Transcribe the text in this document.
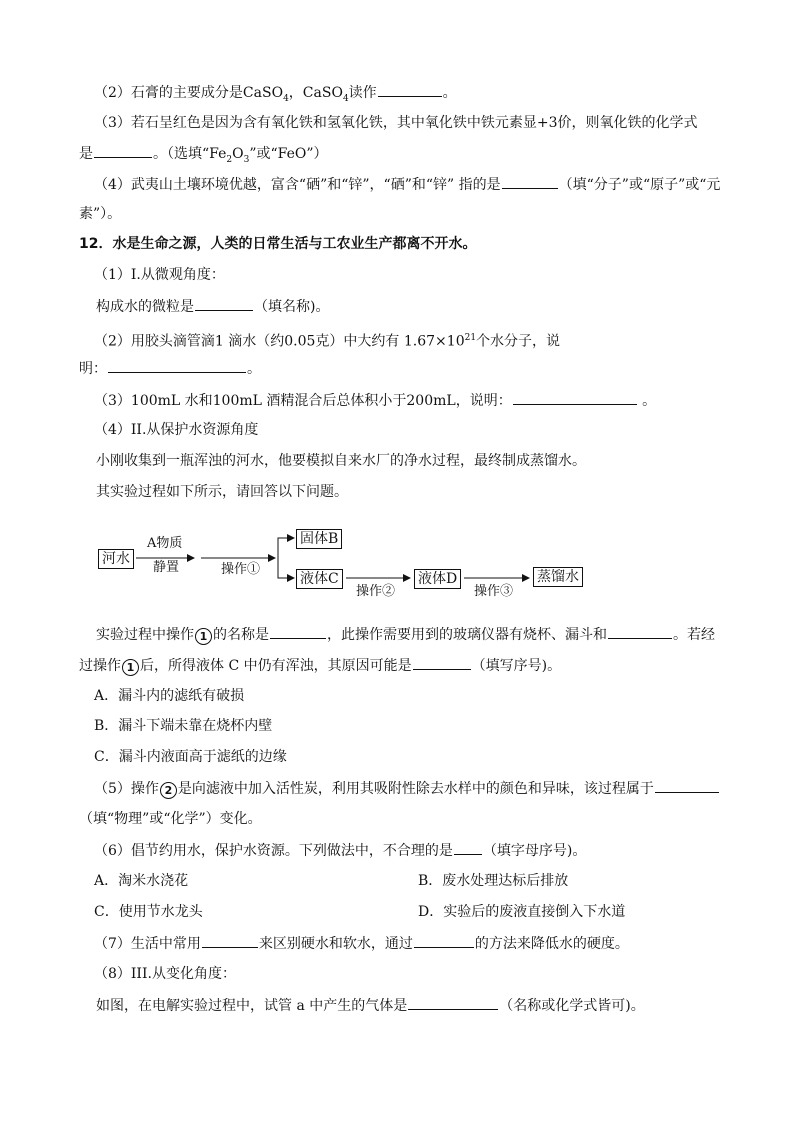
（2）石膏的主要成分是CaSO$_4$，CaSO$_4$读作	。
（3）若石呈红色是因为含有氧化铁和氢氧化铁，其中氧化铁中铁元素显+3价，则氧化铁的化学式
是	。（选填“$Fe_2O_3$”或“FeO”）
（4）武夷山土壤环境优越，富含“硒”和“锌”，“硒”和“锌” 指的是	（填“分子”或“原子”或“元
素”）。
12．水是生命之源，人类的日常生活与工农业生产都离不开水。
（1）I.从微观角度：
构成水的微粒是	（填名称)。
（2）用胶头滴管滴1 滴水（约0.05克）中大约有 $1.67\times 10^{21}$个水分子，说
明：	。
（3）100mL 水和100mL 酒精混合后总体积小于200mL，说明：	。
（4）II.从保护水资源角度
小刚收集到一瓶浑浊的河水，他要模拟自来水厂的净水过程，最终制成蒸馏水。
其实验过程如下所示，请回答以下问题。
河水
A物质
静置	操作①
固体B
液体C
操作②
液体D
操作③
蒸馏水
实验过程中操作 1 的名称是	，此操作需要用到的玻璃仪器有烧杯、漏斗和	。若经
过操作 1 后，所得液体 C 中仍有浑浊，其原因可能是	（填写序号)。
A．漏斗内的滤纸有破损
B．漏斗下端未靠在烧杯内壁
C．漏斗内液面高于滤纸的边缘
（5）操作 2 是向滤液中加入活性炭，利用其吸附性除去水样中的颜色和异味，该过程属于
（填“物理”或“化学”）变化。
（6）倡节约用水，保护水资源。下列做法中，不合理的是 （填字母序号)。
A．淘米水浇花	B．废水处理达标后排放
C．使用节水龙头	D．实验后的废液直接倒入下水道
（7）生活中常用	来区别硬水和软水，通过	的方法来降低水的硬度。
（8）III.从变化角度：
如图，在电解实验过程中，试管 a 中产生的气体是	（名称或化学式皆可)。
